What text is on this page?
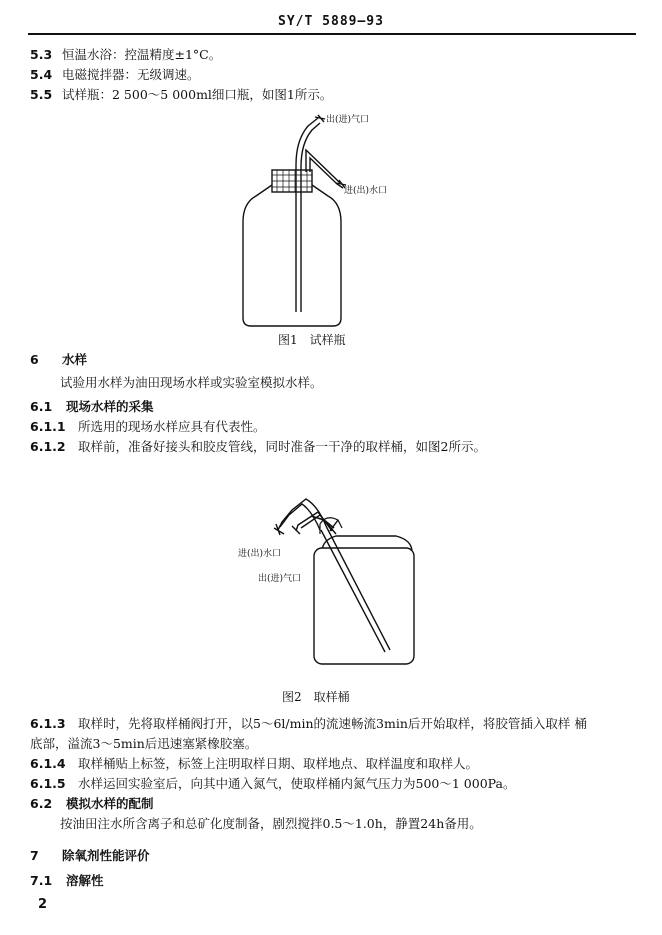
SY/T 5889—93
5.3 恒温水浴：控温精度±1°C。
5.4 电磁搅拌器：无级调速。
5.5 试样瓶：2 500～5 000ml细口瓶，如图1所示。
出(进)气口
进(出)水口
图1　试样瓶
6 水样
试验用水样为油田现场水样或实验室模拟水样。
6.1 现场水样的采集
6.1.1 所选用的现场水样应具有代表性。
6.1.2 取样前，准备好接头和胶皮管线，同时准备一干净的取样桶，如图2所示。
进(出)水口
出(进)气口
图2　取样桶
6.1.3 取样时，先将取样桶阀打开，以5～6l/min的流速畅流3min后开始取样，将胶管插入取样 桶
底部，溢流3～5min后迅速塞紧橡胶塞。
6.1.4 取样桶贴上标签，标签上注明取样日期、取样地点、取样温度和取样人。
6.1.5 水样运回实验室后，向其中通入氮气，使取样桶内氮气压力为500～1 000Pa。
6.2 模拟水样的配制
按油田注水所含离子和总矿化度制备，剧烈搅拌0.5～1.0h，静置24h备用。
7 除氧剂性能评价
7.1 溶解性
2
